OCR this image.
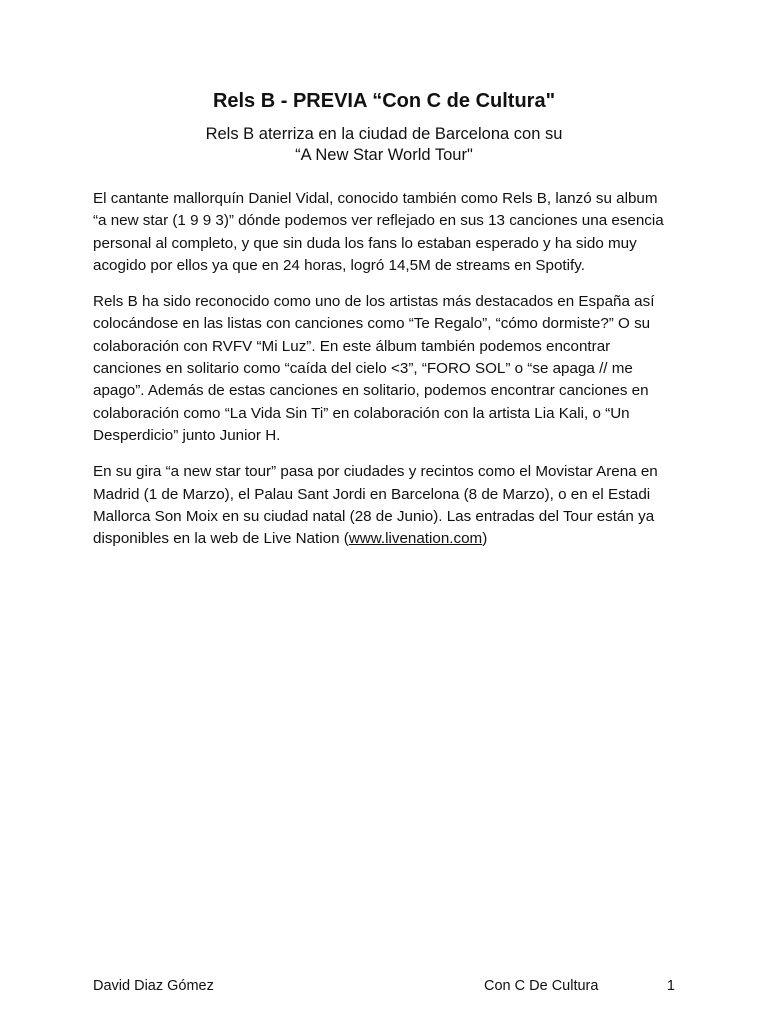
Rels B - PREVIA “Con C de Cultura"
Rels B aterriza en la ciudad de Barcelona con su
“A New Star World Tour"

El cantante mallorquín Daniel Vidal, conocido también como Rels B, lanzó su album “a new star (1 9 9 3)” dónde podemos ver reflejado en sus 13 canciones una esencia personal al completo, y que sin duda los fans lo estaban esperado y ha sido muy acogido por ellos ya que en 24 horas, logró 14,5M de streams en Spotify.

Rels B ha sido reconocido como uno de los artistas más destacados en España así colocándose en las listas con canciones como “Te Regalo”, “cómo dormiste?” O su colaboración con RVFV “Mi Luz”. En este álbum también podemos encontrar canciones en solitario como “caída del cielo <3”, “FORO SOL” o “se apaga // me apago”. Además de estas canciones en solitario, podemos encontrar canciones en colaboración como “La Vida Sin Ti” en colaboración con la artista Lia Kali, o “Un Desperdicio” junto Junior H.

En su gira “a new star tour” pasa por ciudades y recintos como el Movistar Arena en Madrid (1 de Marzo), el Palau Sant Jordi en Barcelona (8 de Marzo), o en el Estadi Mallorca Son Moix en su ciudad natal (28 de Junio). Las entradas del Tour están ya disponibles en la web de Live Nation (www.livenation.com)

David Diaz Gómez	Con C De Cultura	1
